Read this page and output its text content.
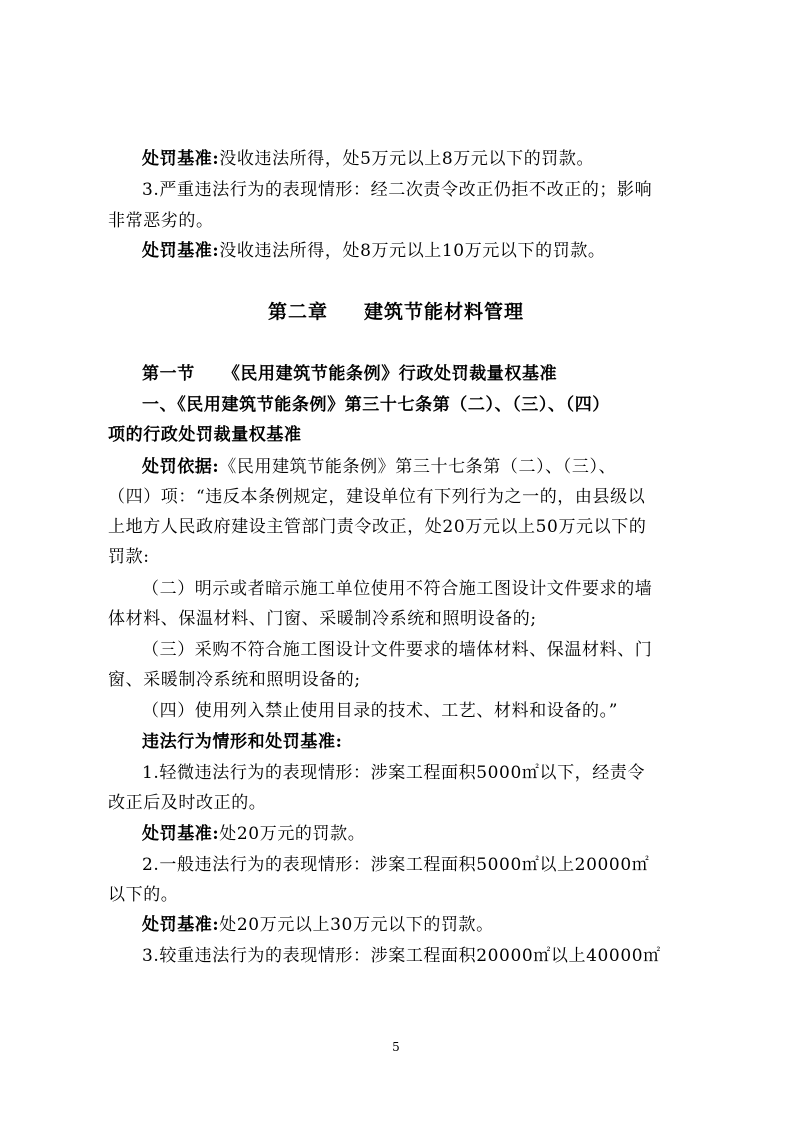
处罚基准:没收违法所得，处5万元以上8万元以下的罚款。
3.严重违法行为的表现情形：经二次责令改正仍拒不改正的；影响
非常恶劣的。
处罚基准:没收违法所得，处8万元以上10万元以下的罚款。
第二章 建筑节能材料管理
第一节 《民用建筑节能条例》行政处罚裁量权基准
一、《民用建筑节能条例》第三十七条第（二）、（三）、（四）
项的行政处罚裁量权基准
处罚依据:《民用建筑节能条例》第三十七条第（二）、（三）、
（四）项：“违反本条例规定，建设单位有下列行为之一的，由县级以
上地方人民政府建设主管部门责令改正，处20万元以上50万元以下的
罚款:
（二）明示或者暗示施工单位使用不符合施工图设计文件要求的墙
体材料、保温材料、门窗、采暖制冷系统和照明设备的;
（三）采购不符合施工图设计文件要求的墙体材料、保温材料、门
窗、采暖制冷系统和照明设备的;
（四）使用列入禁止使用目录的技术、工艺、材料和设备的。”
违法行为情形和处罚基准:
1.轻微违法行为的表现情形：涉案工程面积5000㎡以下，经责令
改正后及时改正的。
处罚基准:处20万元的罚款。
2.一般违法行为的表现情形：涉案工程面积5000㎡以上20000㎡
以下的。
处罚基准:处20万元以上30万元以下的罚款。
3.较重违法行为的表现情形：涉案工程面积20000㎡以上40000㎡
5
